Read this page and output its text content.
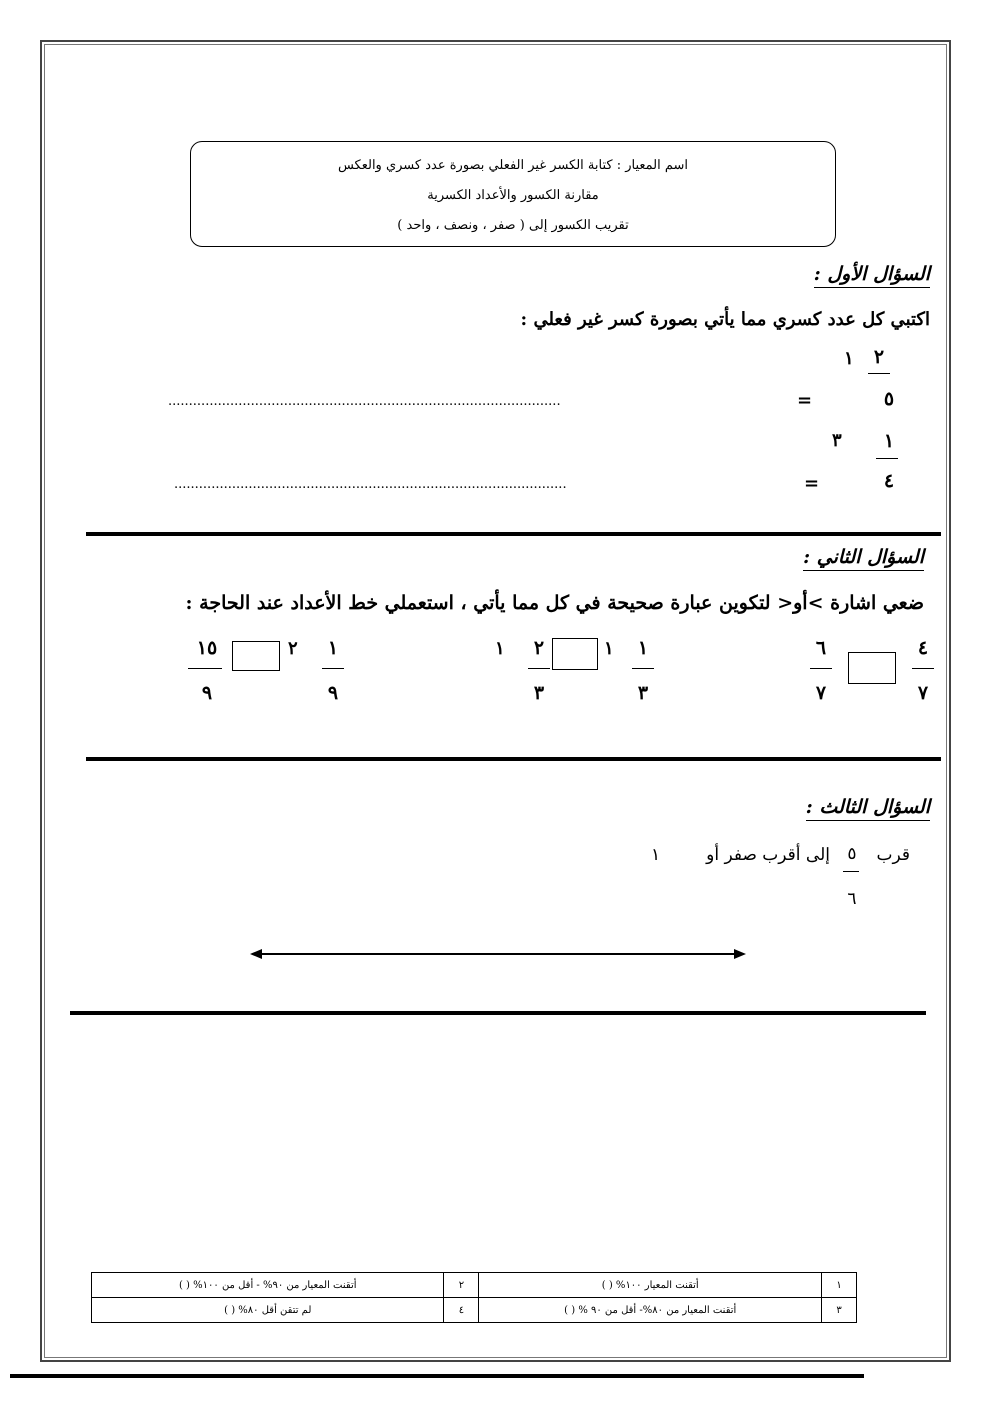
اسم المعيار : كتابة الكسر غير الفعلي بصورة عدد كسري والعكس
مقارنة الكسور والأعداد الكسرية
تقريب الكسور إلى ( صفر ، ونصف ، واحد )
السؤال الأول :
اكتبي كل عدد كسري مما يأتي بصورة كسر غير فعلي :
١	٢
٥
=
...............................................................................................
٣	١
٤
=
...............................................................................................
السؤال الثاني :
ضعي اشارة >أو< لتكوين عبارة صحيحة في كل مما يأتي ، استعملي خط الأعداد عند الحاجة :
٤
٧
٦
٧
١
٣
١
٢
٣
١
١
٩
٢
١٥
٩
السؤال الثالث :
قرب
٥
٦
إلى أقرب صفر أو
١
١	أتقنت المعيار ١٠٠% ( )	٢	أتقنت المعيار من ٩٠% - أقل من ١٠٠% ( )
٣	أتقنت المعيار من ٨٠%- أقل من ٩٠ % ( )	٤	لم تتقن أقل ٨٠% ( )
